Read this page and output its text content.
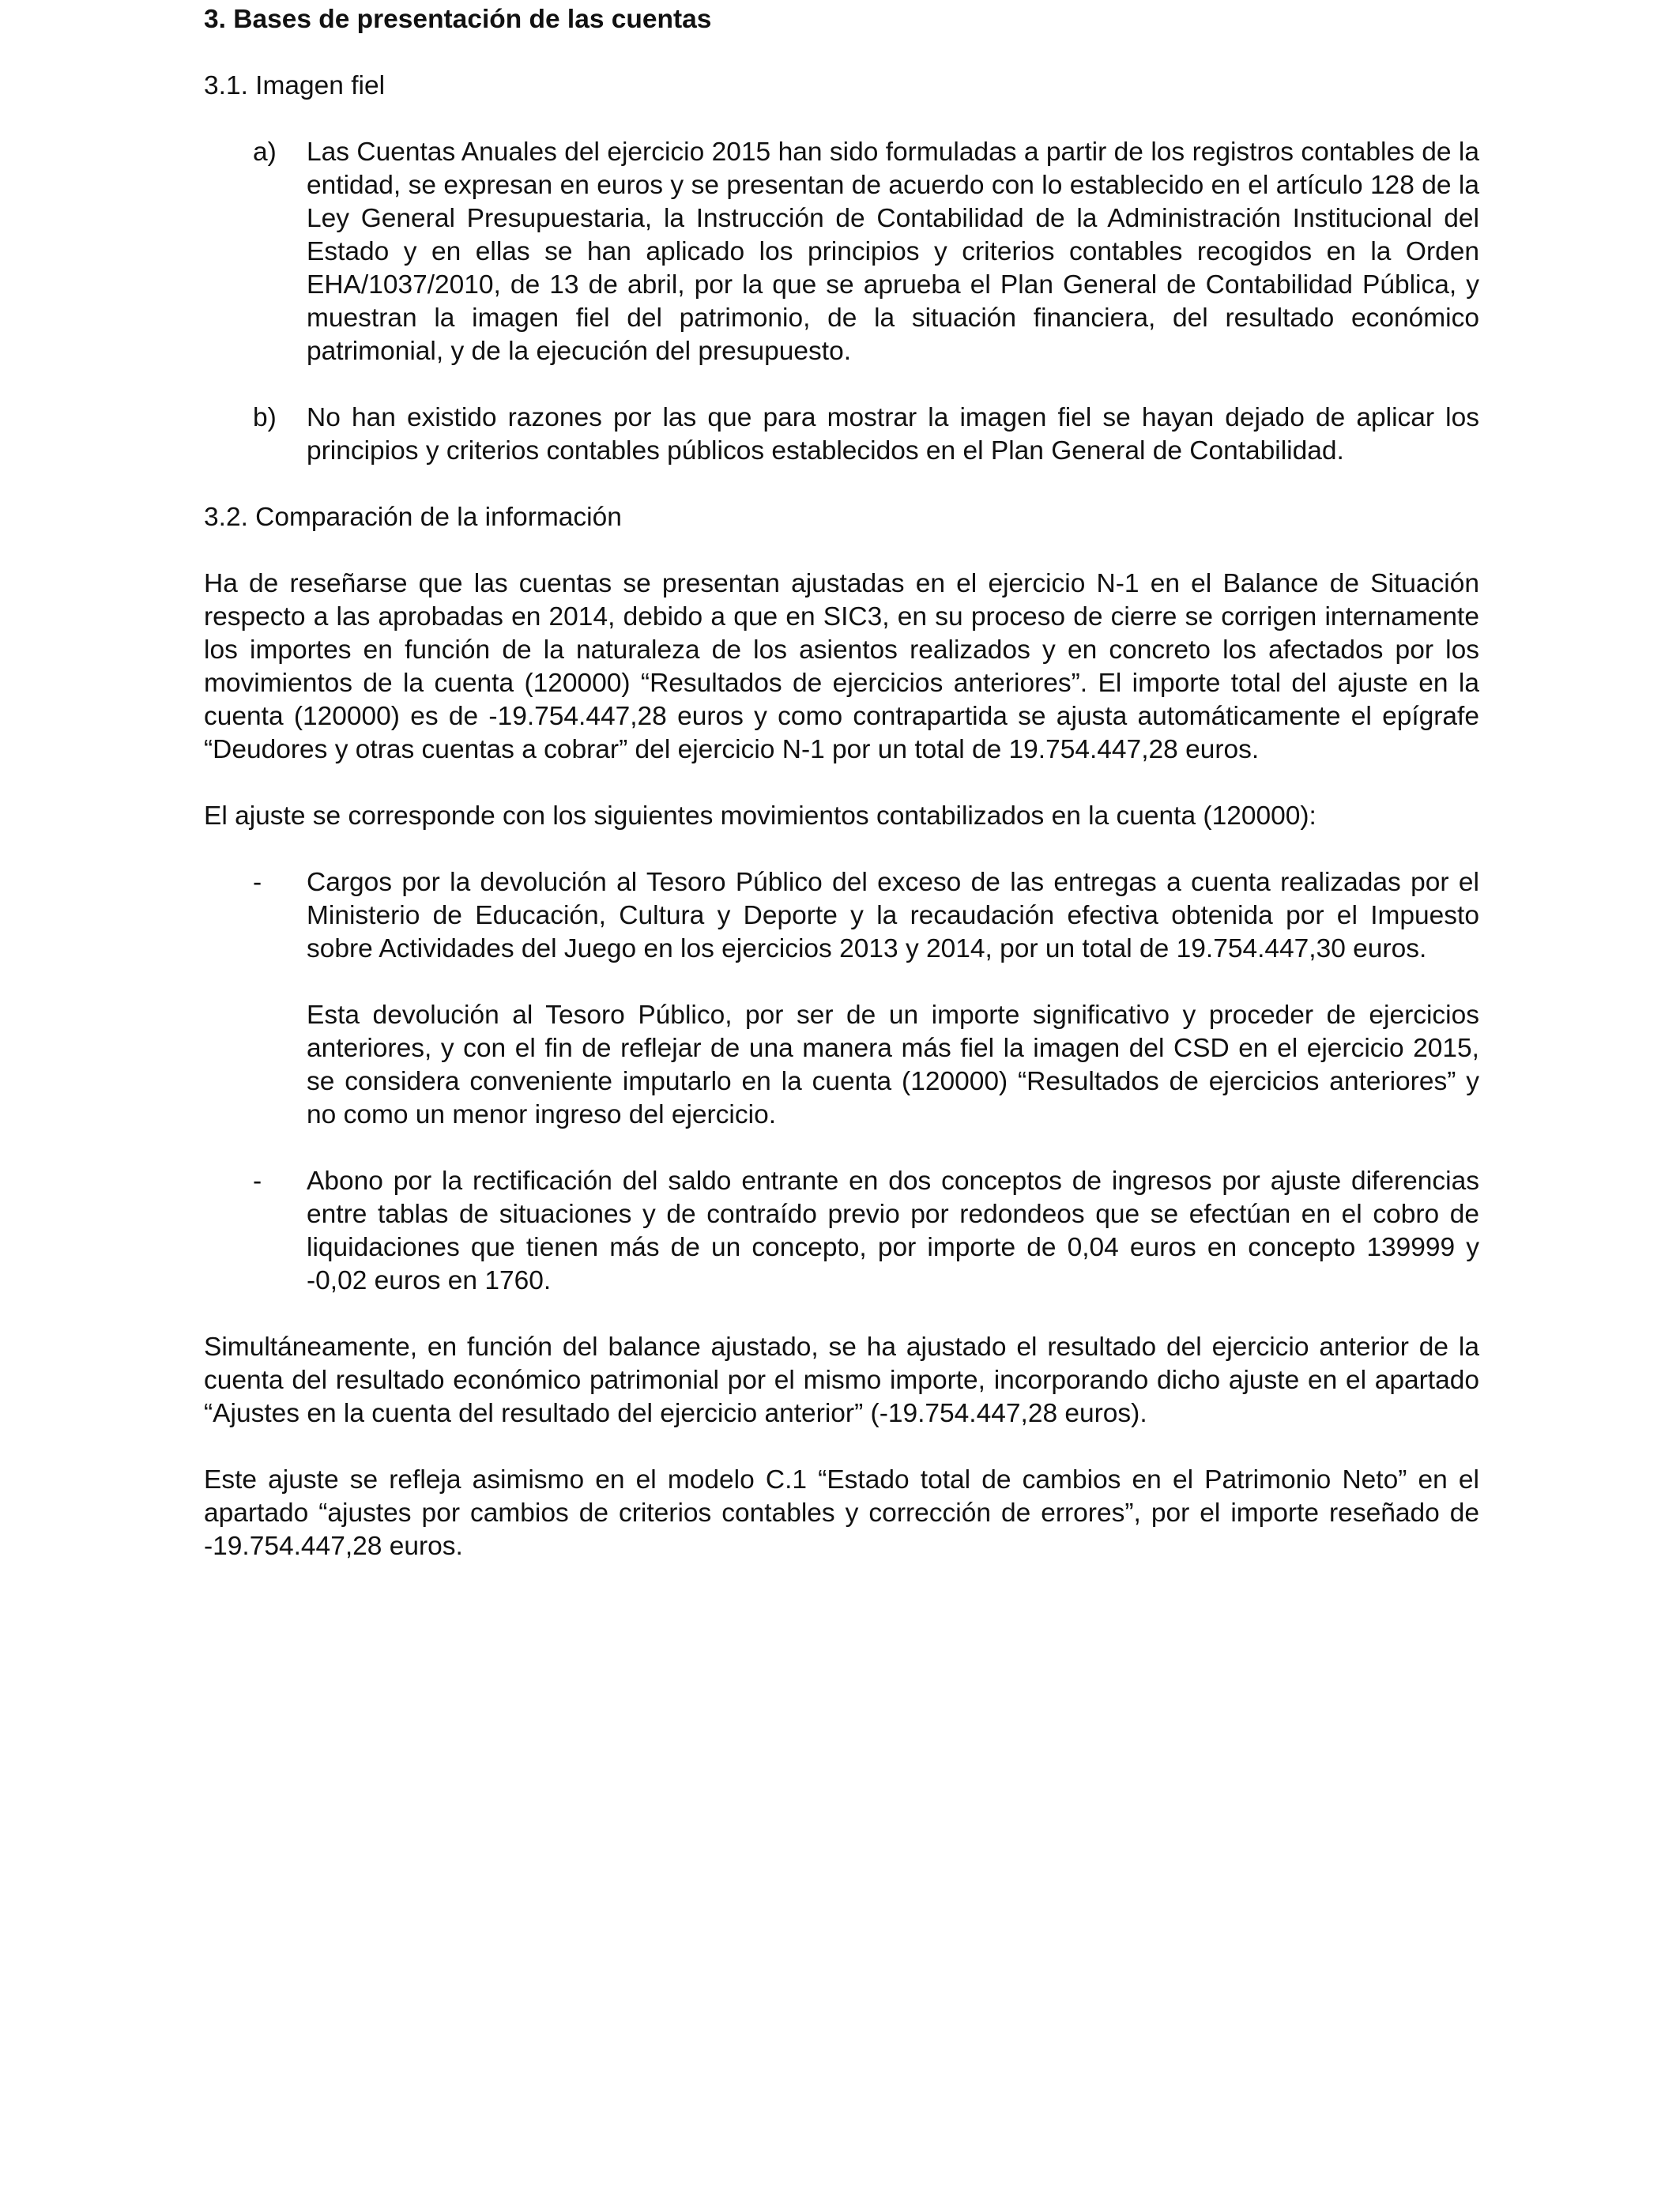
3. Bases de presentación de las cuentas
3.1. Imagen fiel
a) Las Cuentas Anuales del ejercicio 2015 han sido formuladas a partir de los registros contables de la entidad, se expresan en euros y se presentan de acuerdo con lo establecido en el artículo 128 de la Ley General Presupuestaria, la Instrucción de Contabilidad de la Administración Institucional del Estado y en ellas se han aplicado los principios y criterios contables recogidos en la Orden EHA/1037/2010, de 13 de abril, por la que se aprueba el Plan General de Contabilidad Pública, y muestran la imagen fiel del patrimonio, de la situación financiera, del resultado económico patrimonial, y de la ejecución del presupuesto.
b) No han existido razones por las que para mostrar la imagen fiel se hayan dejado de aplicar los principios y criterios contables públicos establecidos en el Plan General de Contabilidad.
3.2. Comparación de la información
Ha de reseñarse que las cuentas se presentan ajustadas en el ejercicio N-1 en el Balance de Situación respecto a las aprobadas en 2014, debido a que en SIC3, en su proceso de cierre se corrigen internamente los importes en función de la naturaleza de los asientos realizados y en concreto los afectados por los movimientos de la cuenta (120000) “Resultados de ejercicios anteriores”. El importe total del ajuste en la cuenta (120000) es de -19.754.447,28 euros y como contrapartida se ajusta automáticamente el epígrafe “Deudores y otras cuentas a cobrar” del ejercicio N-1 por un total de 19.754.447,28 euros.
El ajuste se corresponde con los siguientes movimientos contabilizados en la cuenta (120000):
- Cargos por la devolución al Tesoro Público del exceso de las entregas a cuenta realizadas por el Ministerio de Educación, Cultura y Deporte y la recaudación efectiva obtenida por el Impuesto sobre Actividades del Juego en los ejercicios 2013 y 2014, por un total de 19.754.447,30 euros.
Esta devolución al Tesoro Público, por ser de un importe significativo y proceder de ejercicios anteriores, y con el fin de reflejar de una manera más fiel la imagen del CSD en el ejercicio 2015, se considera conveniente imputarlo en la cuenta (120000) “Resultados de ejercicios anteriores” y no como un menor ingreso del ejercicio.
- Abono por la rectificación del saldo entrante en dos conceptos de ingresos por ajuste diferencias entre tablas de situaciones y de contraído previo por redondeos que se efectúan en el cobro de liquidaciones que tienen más de un concepto, por importe de 0,04 euros en concepto 139999 y -0,02 euros en 1760.
Simultáneamente, en función del balance ajustado, se ha ajustado el resultado del ejercicio anterior de la cuenta del resultado económico patrimonial por el mismo importe, incorporando dicho ajuste en el apartado “Ajustes en la cuenta del resultado del ejercicio anterior” (-19.754.447,28 euros).
Este ajuste se refleja asimismo en el modelo C.1 “Estado total de cambios en el Patrimonio Neto” en el apartado “ajustes por cambios de criterios contables y corrección de errores”, por el importe reseñado de -19.754.447,28 euros.
